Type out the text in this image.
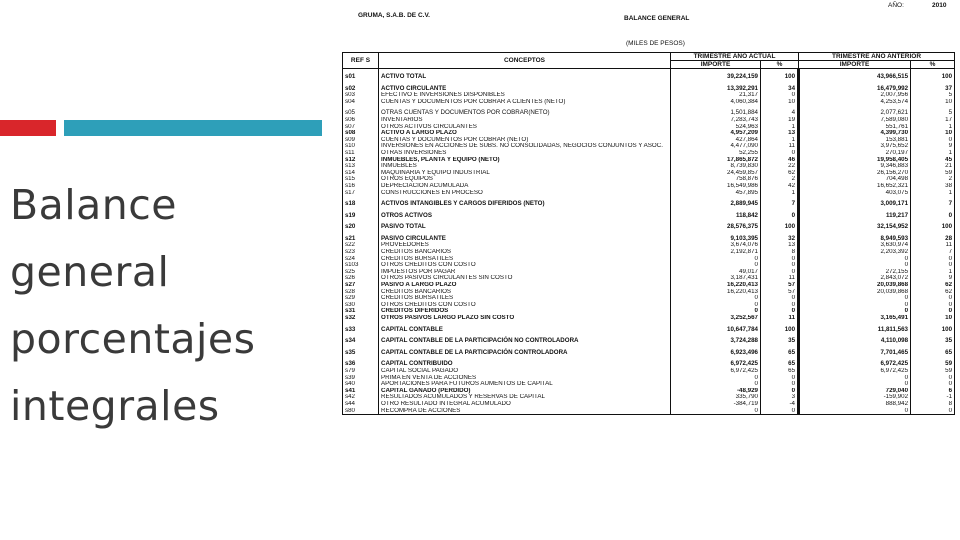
Balance general porcentajes integrales
AÑO:	2010
GRUMA, S.A.B. DE C.V.	BALANCE GENERAL
(MILES DE PESOS)
REF S	CONCEPTOS	TRIMESTRE AÑO ACTUAL		TRIMESTRE AÑO ANTERIOR	
		IMPORTE	%	IMPORTE	%
s01	ACTIVO TOTAL	39,224,159	100	43,966,515	100
s02	ACTIVO CIRCULANTE	13,392,291	34	16,479,992	37
s03	EFECTIVO E INVERSIONES DISPONIBLES	21,317	0	2,007,956	5
s04	CUENTAS Y DOCUMENTOS POR COBRAR A CLIENTES (NETO)	4,060,384	10	4,253,574	10
s05	OTRAS CUENTAS Y DOCUMENTOS POR COBRAR(NETO)	1,501,884	4	2,077,621	5
s06	INVENTARIOS	7,283,743	19	7,589,080	17
s07	OTROS ACTIVOS CIRCULANTES	524,963	1	551,761	1
s08	ACTIVO A LARGO PLAZO	4,957,209	13	4,399,730	10
s09	CUENTAS Y DOCUMENTOS POR COBRAR (NETO)	427,864	1	153,881	0
s10	INVERSIONES EN ACCIONES DE SUBS. NO CONSOLIDADAS, NEGOCIOS CONJUNTOS Y ASOC.	4,477,090	11	3,975,652	9
s11	OTRAS INVERSIONES	52,255	0	270,197	1
s12	INMUEBLES, PLANTA Y EQUIPO (NETO)	17,865,872	46	19,958,405	45
s13	INMUEBLES	8,739,830	22	9,346,883	21
s14	MAQUINARIA Y EQUIPO INDUSTRIAL	24,459,857	62	26,156,270	59
s15	OTROS EQUIPOS	758,876	2	704,498	2
s16	DEPRECIACIÓN ACUMULADA	16,549,986	42	16,652,321	38
s17	CONSTRUCCIONES EN PROCESO	457,895	1	403,075	1
s18	ACTIVOS INTANGIBLES Y CARGOS DIFERIDOS (NETO)	2,889,945	7	3,009,171	7
s19	OTROS ACTIVOS	118,842	0	119,217	0
s20	PASIVO TOTAL	28,576,375	100	32,154,952	100
s21	PASIVO CIRCULANTE	9,103,395	32	8,949,593	28
s22	PROVEEDORES	3,674,076	13	3,630,974	11
s23	CRÉDITOS BANCARIOS	2,192,871	8	2,203,392	7
s24	CRÉDITOS BURSÁTILES	0	0	0	0
s103	OTROS CRÉDITOS CON COSTO	0	0	0	0
s25	IMPUESTOS POR PAGAR	49,017	0	272,155	1
s26	OTROS PASIVOS CIRCULANTES SIN COSTO	3,187,431	11	2,843,072	9
s27	PASIVO A LARGO PLAZO	16,220,413	57	20,039,868	62
s28	CRÉDITOS BANCARIOS	16,220,413	57	20,039,868	62
s29	CRÉDITOS BURSÁTILES	0	0	0	0
s30	OTROS CRÉDITOS CON COSTO	0	0	0	0
s31	CRÉDITOS DIFERIDOS	0	0	0	0
s32	OTROS PASIVOS LARGO PLAZO SIN COSTO	3,252,567	11	3,165,491	10
s33	CAPITAL CONTABLE	10,647,784	100	11,811,563	100
s34	CAPITAL CONTABLE DE LA PARTICIPACIÓN NO CONTROLADORA	3,724,288	35	4,110,098	35
s35	CAPITAL CONTABLE DE LA PARTICIPACIÓN CONTROLADORA	6,923,496	65	7,701,465	65
s36	CAPITAL CONTRIBUIDO	6,972,425	65	6,972,425	59
s79	CAPITAL SOCIAL PAGADO	6,972,425	65	6,972,425	59
s39	PRIMA EN VENTA DE ACCIONES	0	0	0	0
s40	APORTACIONES PARA FUTUROS AUMENTOS DE CAPITAL	0	0	0	0
s41	CAPITAL GANADO (PERDIDO)	-48,929	0	729,040	6
s42	RESULTADOS ACUMULADOS Y RESERVAS DE CAPITAL	335,790	3	-159,902	-1
s44	OTRO RESULTADO INTEGRAL ACUMULADO	-384,719	-4	888,942	8
s80	RECOMPRA DE ACCIONES	0	0	0	0
